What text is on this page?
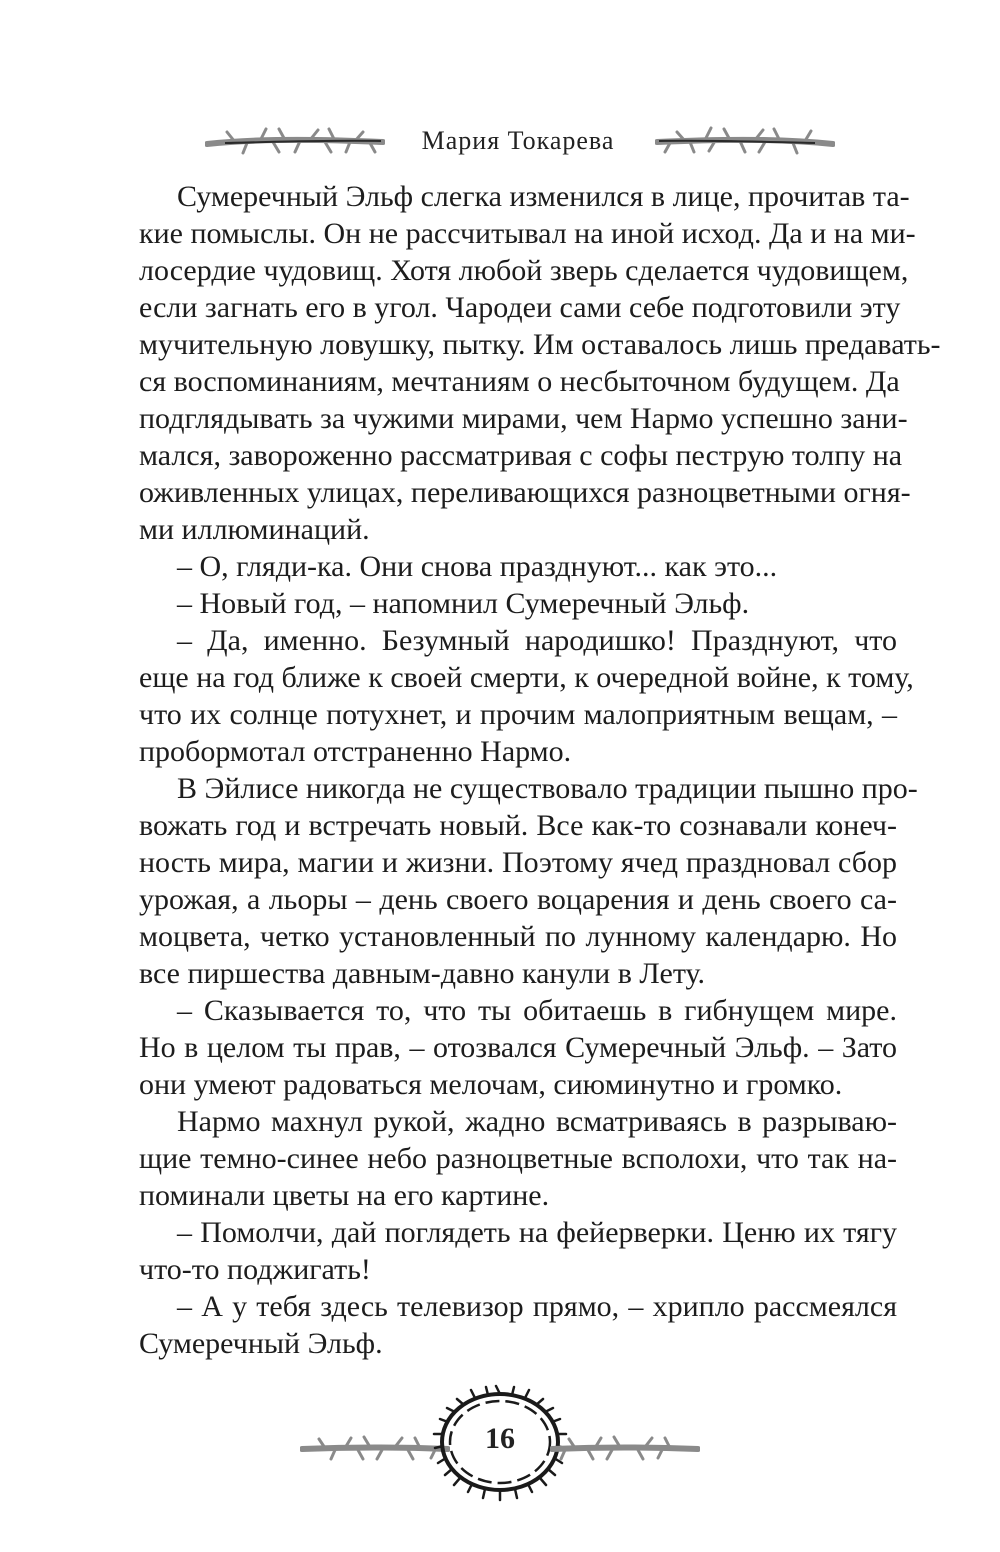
Мария Токарева
Сумеречный Эльф слегка изменился в лице, прочитав та-
кие помыслы. Он не рассчитывал на иной исход. Да и на ми-
лосердие чудовищ. Хотя любой зверь сделается чудовищем,
если загнать его в угол. Чародеи сами себе подготовили эту
мучительную ловушку, пытку. Им оставалось лишь предавать-
ся воспоминаниям, мечтаниям о несбыточном будущем. Да
подглядывать за чужими мирами, чем Нармо успешно зани-
мался, завороженно рассматривая с софы пеструю толпу на
оживленных улицах, переливающихся разноцветными огня-
ми иллюминаций.
– О, гляди-ка. Они снова празднуют... как это...
– Новый год, – напомнил Сумеречный Эльф.
– Да, именно. Безумный народишко! Празднуют, что
еще на год ближе к своей смерти, к очередной войне, к тому,
что их солнце потухнет, и прочим малоприятным вещам, –
пробормотал отстраненно Нармо.
В Эйлисе никогда не существовало традиции пышно про-
вожать год и встречать новый. Все как-то сознавали конеч-
ность мира, магии и жизни. Поэтому ячед праздновал сбор
урожая, а льоры – день своего воцарения и день своего са-
моцвета, четко установленный по лунному календарю. Но
все пиршества давным-давно канули в Лету.
– Сказывается то, что ты обитаешь в гибнущем мире.
Но в целом ты прав, – отозвался Сумеречный Эльф. – Зато
они умеют радоваться мелочам, сиюминутно и громко.
Нармо махнул рукой, жадно всматриваясь в разрываю-
щие темно-синее небо разноцветные всполохи, что так на-
поминали цветы на его картине.
– Помолчи, дай поглядеть на фейерверки. Ценю их тягу
что-то поджигать!
– А у тебя здесь телевизор прямо, – хрипло рассмеялся
Сумеречный Эльф.
16
